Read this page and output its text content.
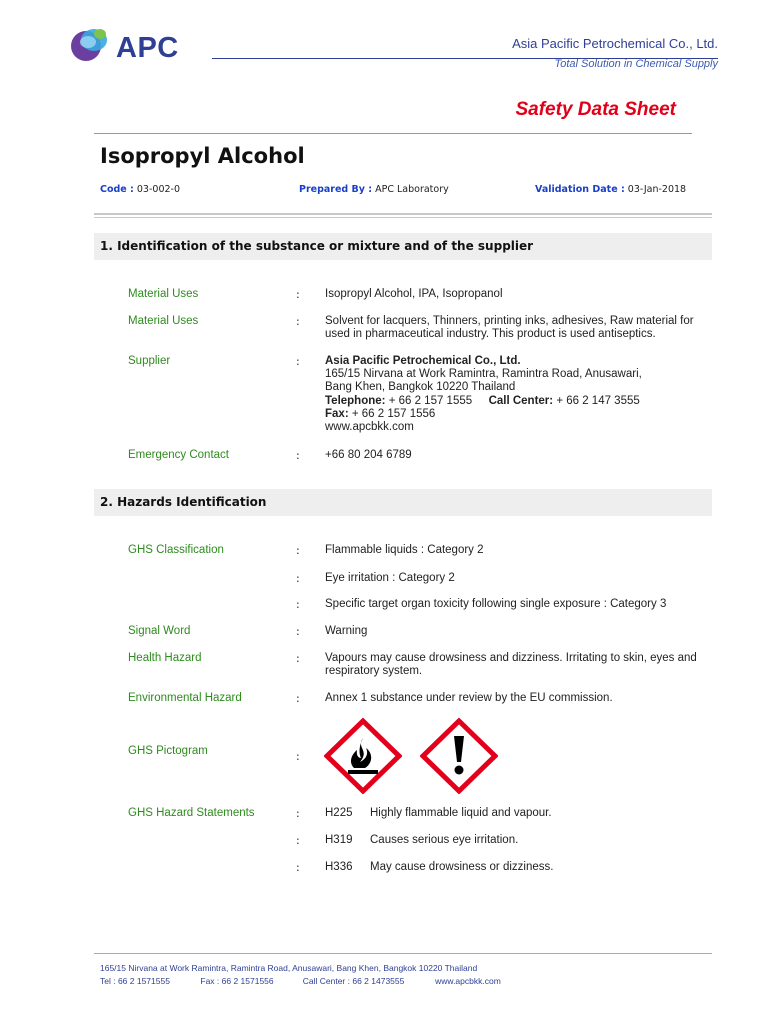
APC	Asia Pacific Petrochemical Co., Ltd.
Total Solution in Chemical Supply
Safety Data Sheet
Isopropyl Alcohol
Code : 03-002-0	Prepared By : APC Laboratory	Validation Date : 03-Jan-2018
1. Identification of the substance or mixture and of the supplier
Material Uses	: Isopropyl Alcohol, IPA, Isopropanol
Material Uses	: Solvent for lacquers, Thinners, printing inks, adhesives, Raw material for used in pharmaceutical industry. This product is used antiseptics.
Supplier	: Asia Pacific Petrochemical Co., Ltd.
165/15 Nirvana at Work Ramintra, Ramintra Road, Anusawari,
Bang Khen, Bangkok 10220 Thailand
Telephone: + 66 2 157 1555 Call Center: + 66 2 147 3555
Fax: + 66 2 157 1556
www.apcbkk.com
Emergency Contact	: +66 80 204 6789
2. Hazards Identification
GHS Classification	: Flammable liquids : Category 2
: Eye irritation : Category 2
: Specific target organ toxicity following single exposure : Category 3
Signal Word	: Warning
Health Hazard	: Vapours may cause drowsiness and dizziness. Irritating to skin, eyes and respiratory system.
Environmental Hazard	: Annex 1 substance under review by the EU commission.
GHS Pictogram	:
GHS Hazard Statements	: H225 Highly flammable liquid and vapour.
: H319 Causes serious eye irritation.
: H336 May cause drowsiness or dizziness.
165/15 Nirvana at Work Ramintra, Ramintra Road, Anusawari, Bang Khen, Bangkok 10220 Thailand
Tel : 66 2 1571555	Fax : 66 2 1571556	Call Center : 66 2 1473555	www.apcbkk.com
